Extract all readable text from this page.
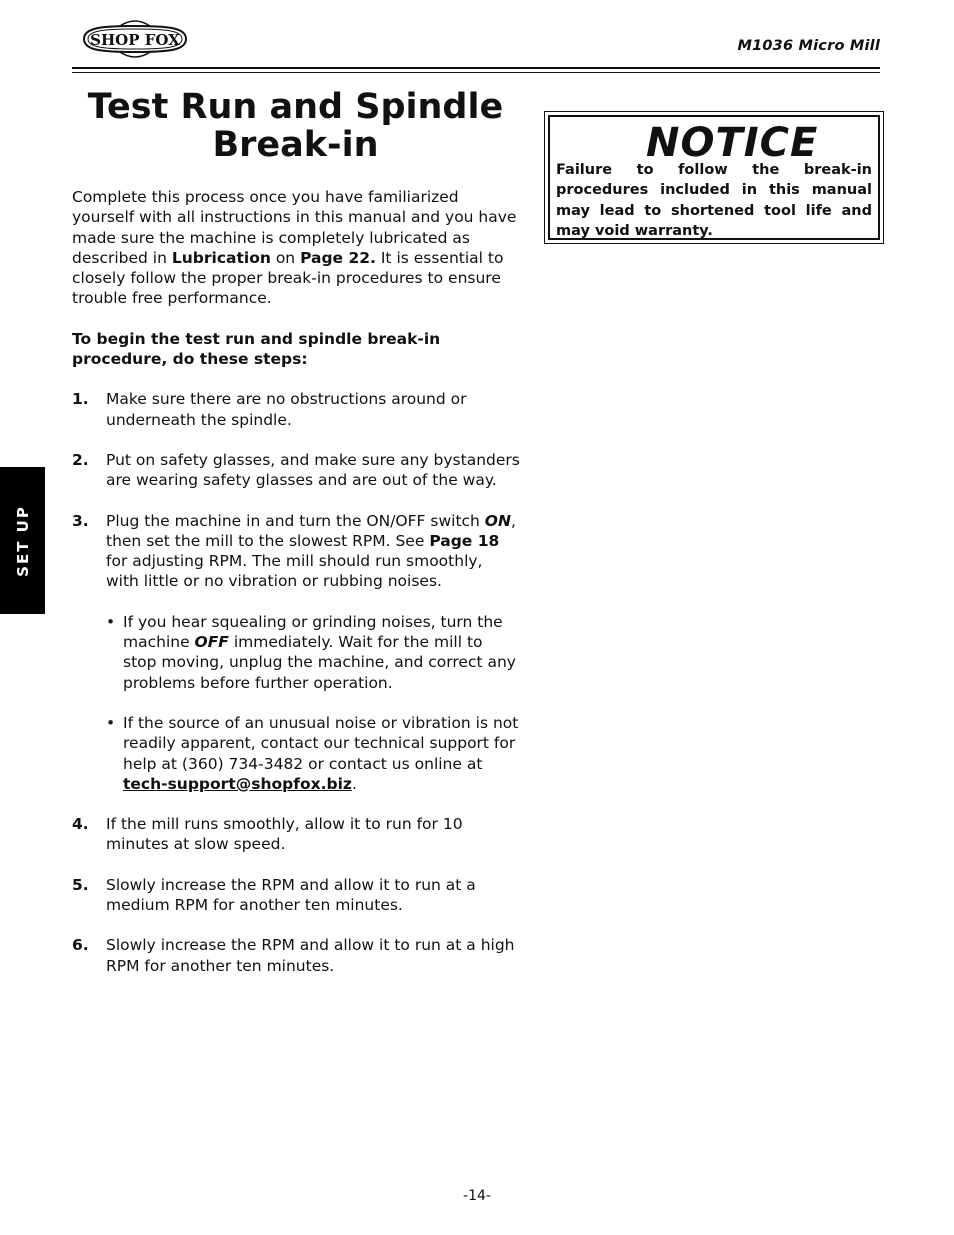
SHOP FOX	M1036 Micro Mill
SET UP
Test Run and Spindle Break-in

Complete this process once you have familiarized yourself with all instructions in this manual and you have made sure the machine is completely lubricated as described in Lubrication on Page 22. It is essential to closely follow the proper break-in procedures to ensure trouble free performance.

To begin the test run and spindle break-in procedure, do these steps:

1. Make sure there are no obstructions around or underneath the spindle.
2. Put on safety glasses, and make sure any bystanders are wearing safety glasses and are out of the way.
3. Plug the machine in and turn the ON/OFF switch ON, then set the mill to the slowest RPM. See Page 18 for adjusting RPM. The mill should run smoothly, with little or no vibration or rubbing noises.
• If you hear squealing or grinding noises, turn the machine OFF immediately. Wait for the mill to stop moving, unplug the machine, and correct any problems before further operation.
• If the source of an unusual noise or vibration is not readily apparent, contact our technical support for help at (360) 734-3482 or contact us online at tech-support@shopfox.biz.
4. If the mill runs smoothly, allow it to run for 10 minutes at slow speed.
5. Slowly increase the RPM and allow it to run at a medium RPM for another ten minutes.
6. Slowly increase the RPM and allow it to run at a high RPM for another ten minutes.
NOTICE
Failure to follow the break-in procedures included in this manual may lead to shortened tool life and may void warranty.
-14-
